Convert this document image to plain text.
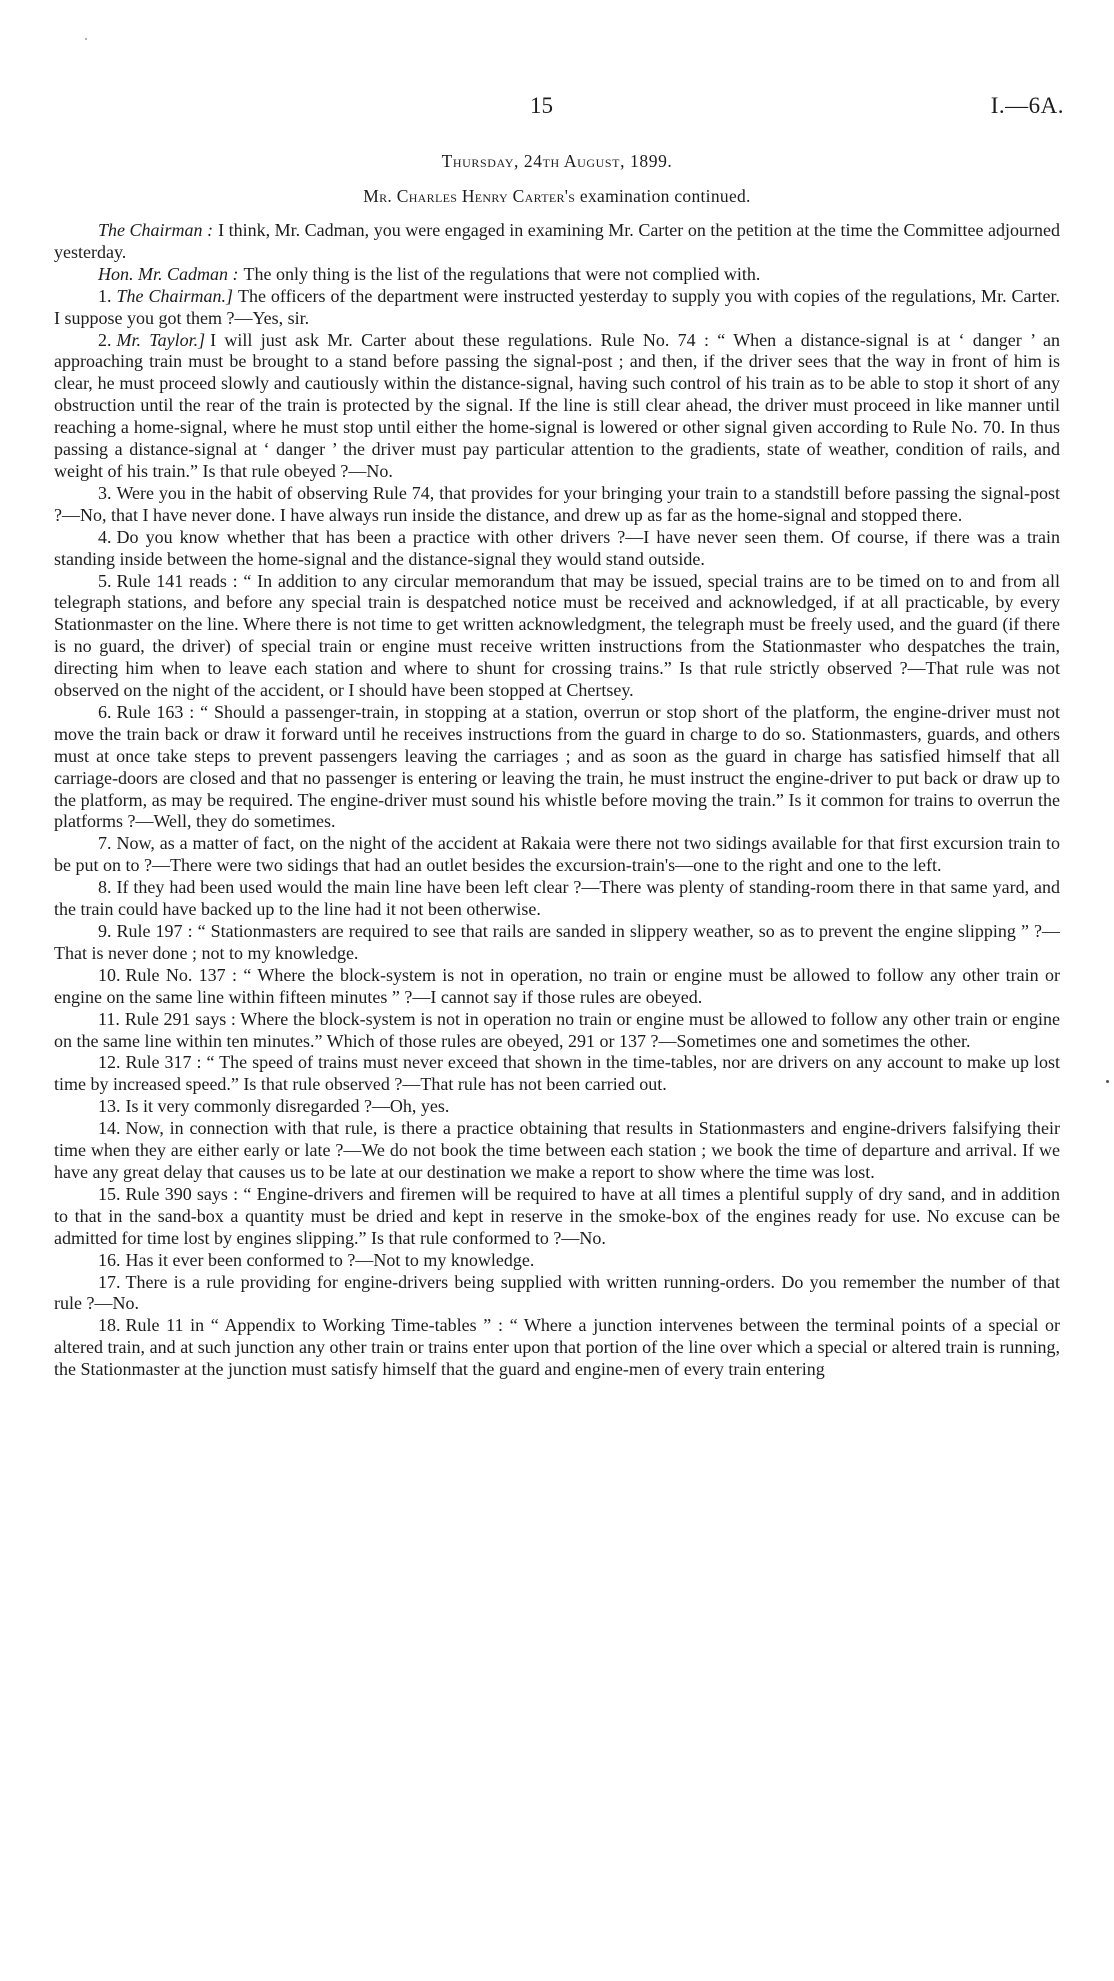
15	I.—6A.
Thursday, 24th August, 1899.
Mr. Charles Henry Carter's examination continued.

The Chairman : I think, Mr. Cadman, you were engaged in examining Mr. Carter on the petition at the time the Committee adjourned yesterday.

Hon. Mr. Cadman : The only thing is the list of the regulations that were not complied with.

1. The Chairman.] The officers of the department were instructed yesterday to supply you with copies of the regulations, Mr. Carter. I suppose you got them ?—Yes, sir.

2. Mr. Taylor.] I will just ask Mr. Carter about these regulations. Rule No. 74 : “ When a distance-signal is at ‘ danger ’ an approaching train must be brought to a stand before passing the signal-post ; and then, if the driver sees that the way in front of him is clear, he must proceed slowly and cautiously within the distance-signal, having such control of his train as to be able to stop it short of any obstruction until the rear of the train is protected by the signal. If the line is still clear ahead, the driver must proceed in like manner until reaching a home-signal, where he must stop until either the home-signal is lowered or other signal given according to Rule No. 70. In thus passing a distance-signal at ‘ danger ’ the driver must pay particular attention to the gradients, state of weather, condition of rails, and weight of his train.” Is that rule obeyed ?—No.

3. Were you in the habit of observing Rule 74, that provides for your bringing your train to a standstill before passing the signal-post ?—No, that I have never done. I have always run inside the distance, and drew up as far as the home-signal and stopped there.

4. Do you know whether that has been a practice with other drivers ?—I have never seen them. Of course, if there was a train standing inside between the home-signal and the distance-signal they would stand outside.

5. Rule 141 reads : “ In addition to any circular memorandum that may be issued, special trains are to be timed on to and from all telegraph stations, and before any special train is despatched notice must be received and acknowledged, if at all practicable, by every Stationmaster on the line. Where there is not time to get written acknowledgment, the telegraph must be freely used, and the guard (if there is no guard, the driver) of special train or engine must receive written instructions from the Stationmaster who despatches the train, directing him when to leave each station and where to shunt for crossing trains.” Is that rule strictly observed ?—That rule was not observed on the night of the accident, or I should have been stopped at Chertsey.

6. Rule 163 : “ Should a passenger-train, in stopping at a station, overrun or stop short of the platform, the engine-driver must not move the train back or draw it forward until he receives instructions from the guard in charge to do so. Stationmasters, guards, and others must at once take steps to prevent passengers leaving the carriages ; and as soon as the guard in charge has satisfied himself that all carriage-doors are closed and that no passenger is entering or leaving the train, he must instruct the engine-driver to put back or draw up to the platform, as may be required. The engine-driver must sound his whistle before moving the train.” Is it common for trains to overrun the platforms ?—Well, they do sometimes.

7. Now, as a matter of fact, on the night of the accident at Rakaia were there not two sidings available for that first excursion train to be put on to ?—There were two sidings that had an outlet besides the excursion-train's—one to the right and one to the left.

8. If they had been used would the main line have been left clear ?—There was plenty of standing-room there in that same yard, and the train could have backed up to the line had it not been otherwise.

9. Rule 197 : “ Stationmasters are required to see that rails are sanded in slippery weather, so as to prevent the engine slipping ” ?—That is never done ; not to my knowledge.

10. Rule No. 137 : “ Where the block-system is not in operation, no train or engine must be allowed to follow any other train or engine on the same line within fifteen minutes ” ?—I cannot say if those rules are obeyed.

11. Rule 291 says : Where the block-system is not in operation no train or engine must be allowed to follow any other train or engine on the same line within ten minutes.” Which of those rules are obeyed, 291 or 137 ?—Sometimes one and sometimes the other.

12. Rule 317 : “ The speed of trains must never exceed that shown in the time-tables, nor are drivers on any account to make up lost time by increased speed.” Is that rule observed ?—That rule has not been carried out.

13. Is it very commonly disregarded ?—Oh, yes.

14. Now, in connection with that rule, is there a practice obtaining that results in Stationmasters and engine-drivers falsifying their time when they are either early or late ?—We do not book the time between each station ; we book the time of departure and arrival. If we have any great delay that causes us to be late at our destination we make a report to show where the time was lost.

15. Rule 390 says : “ Engine-drivers and firemen will be required to have at all times a plentiful supply of dry sand, and in addition to that in the sand-box a quantity must be dried and kept in reserve in the smoke-box of the engines ready for use. No excuse can be admitted for time lost by engines slipping.” Is that rule conformed to ?—No.

16. Has it ever been conformed to ?—Not to my knowledge.

17. There is a rule providing for engine-drivers being supplied with written running-orders. Do you remember the number of that rule ?—No.

18. Rule 11 in “ Appendix to Working Time-tables ” : “ Where a junction intervenes between the terminal points of a special or altered train, and at such junction any other train or trains enter upon that portion of the line over which a special or altered train is running, the Stationmaster at the junction must satisfy himself that the guard and engine-men of every train entering
